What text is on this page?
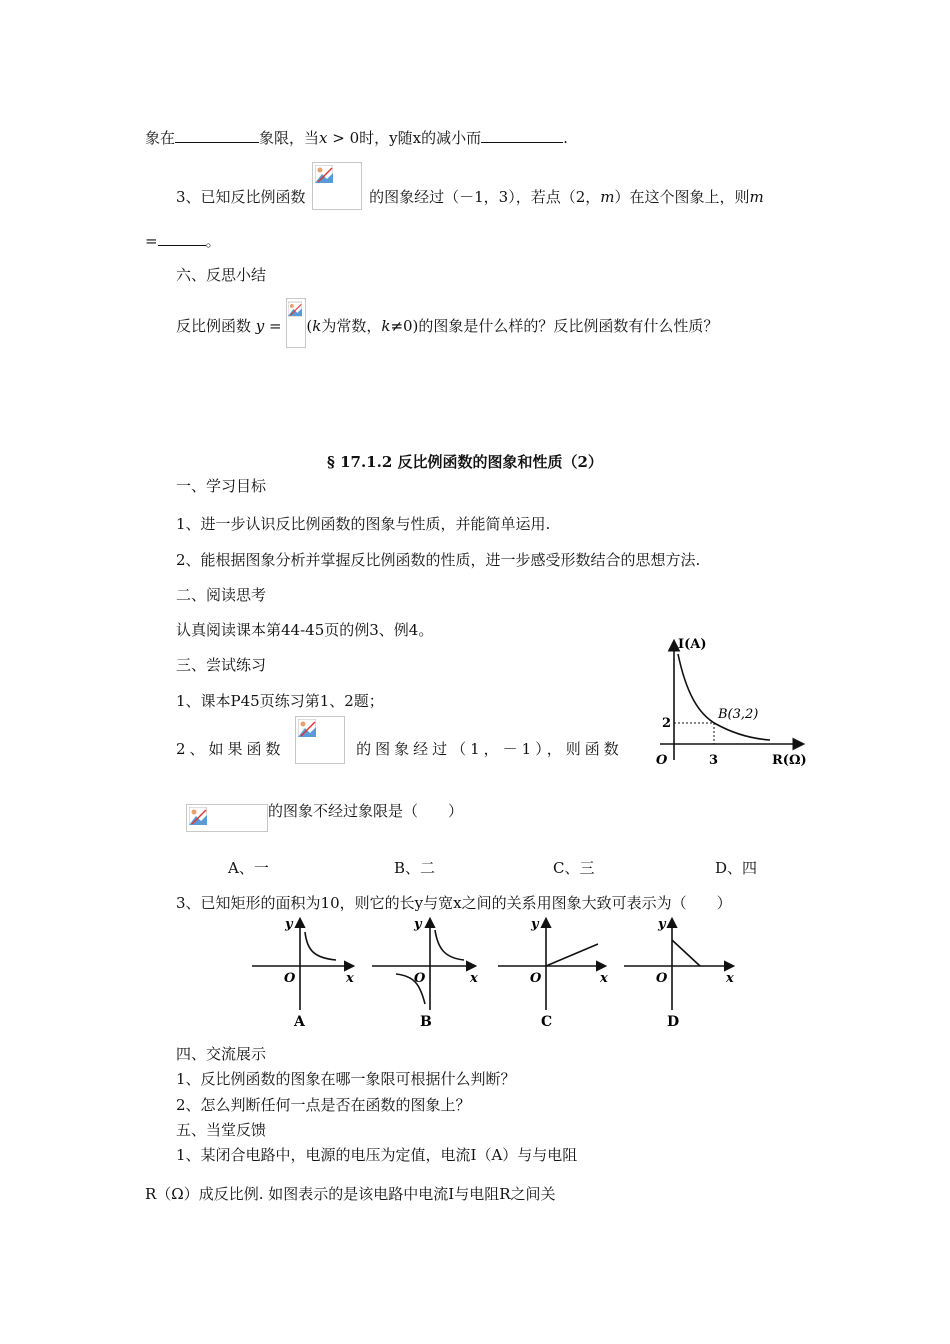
象在	象限，当x > 0时，y随x的减小而	.
3、已知反比例函数	的图象经过（－1，3），若点（2，m）在这个图象上，则m
=	。
六、反思小结
反比例函数 y =
(k为常数，k≠0)的图象是什么样的？反比例函数有什么性质？
§ 17.1.2 反比例函数的图象和性质（2）
一、学习目标
1、进一步认识反比例函数的图象与性质，并能简单运用.
2、能根据图象分析并掌握反比例函数的性质，进一步感受形数结合的思想方法.
二、阅读思考
认真阅读课本第44-45页的例3、例4。
三、尝试练习
1、课本P45页练习第1、2题；
2、如果函数	的图象经过（1，－1），则函数
的图象不经过象限是（　　）
A、一	B、二	C、三	D、四
3、已知矩形的面积为10，则它的长y与宽x之间的关系用图象大致可表示为（　　）
I(A)
R(Ω)
O
B(3,2)
3
2
y
x
O
A
y
x
O
B
y
x
O
C
y
x
O
D
四、交流展示
1、反比例函数的图象在哪一象限可根据什么判断？
2、怎么判断任何一点是否在函数的图象上？
五、当堂反馈
1、某闭合电路中，电源的电压为定值，电流I（A）与与电阻
R（Ω）成反比例. 如图表示的是该电路中电流I与电阻R之间关
